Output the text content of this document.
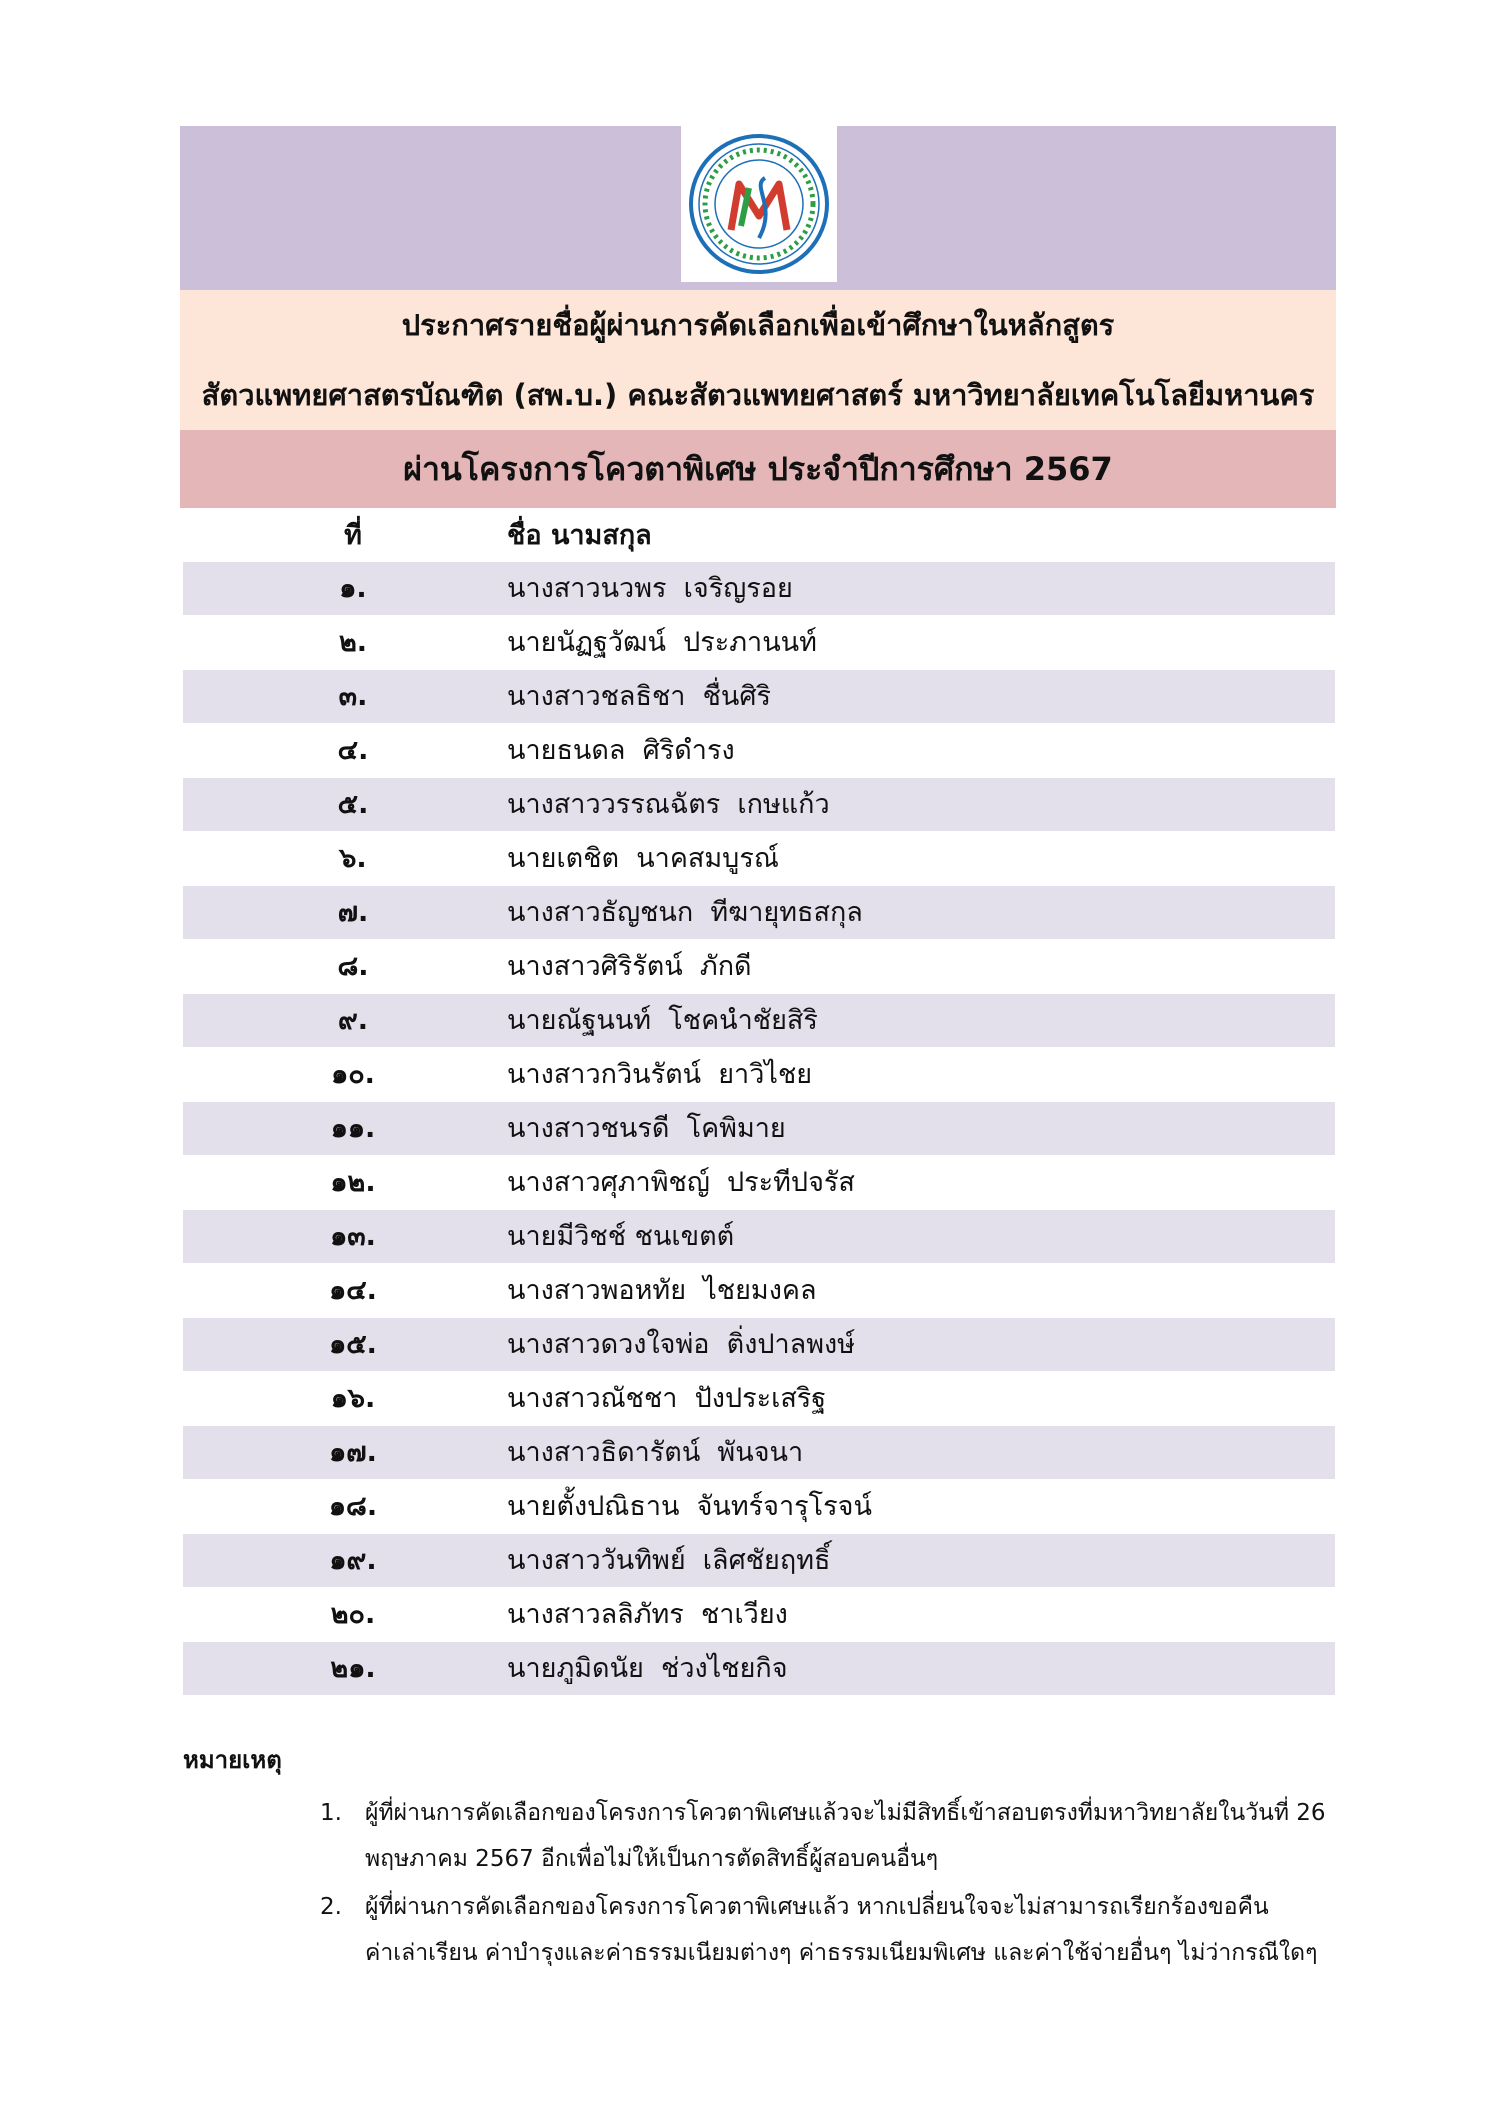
ประกาศรายชื่อผู้ผ่านการคัดเลือกเพื่อเข้าศึกษาในหลักสูตร
สัตวแพทยศาสตรบัณฑิต (สพ.บ.) คณะสัตวแพทยศาสตร์ มหาวิทยาลัยเทคโนโลยีมหานคร
ผ่านโครงการโควตาพิเศษ ประจำปีการศึกษา 2567
ที่	ชื่อ นามสกุล
๑.	นางสาวนวพร  เจริญรอย
๒.	นายนัฏฐวัฒน์  ประภานนท์
๓.	นางสาวชลธิชา  ชื่นศิริ
๔.	นายธนดล  ศิริดำรง
๕.	นางสาววรรณฉัตร  เกษแก้ว
๖.	นายเตชิต  นาคสมบูรณ์
๗.	นางสาวธัญชนก  ทีฆายุทธสกุล
๘.	นางสาวศิริรัตน์  ภักดี
๙.	นายณัฐนนท์  โชคนำชัยสิริ
๑๐.	นางสาวกวินรัตน์  ยาวิไชย
๑๑.	นางสาวชนรดี  โคพิมาย
๑๒.	นางสาวศุภาพิชญ์  ประทีปจรัส
๑๓.	นายมีวิชช์ ชนเขตต์
๑๔.	นางสาวพอหทัย  ไชยมงคล
๑๕.	นางสาวดวงใจพ่อ  ติ่งปาลพงษ์
๑๖.	นางสาวณัชชา  ปังประเสริฐ
๑๗.	นางสาวธิดารัตน์  พันจนา
๑๘.	นายตั้งปณิธาน  จันทร์จารุโรจน์
๑๙.	นางสาววันทิพย์  เลิศชัยฤทธิ์
๒๐.	นางสาวลลิภัทร  ชาเวียง
๒๑.	นายภูมิดนัย  ช่วงไชยกิจ
หมายเหตุ
1. ผู้ที่ผ่านการคัดเลือกของโครงการโควตาพิเศษแล้วจะไม่มีสิทธิ์เข้าสอบตรงที่มหาวิทยาลัยในวันที่ 26
พฤษภาคม 2567 อีกเพื่อไม่ให้เป็นการตัดสิทธิ์ผู้สอบคนอื่นๆ
2. ผู้ที่ผ่านการคัดเลือกของโครงการโควตาพิเศษแล้ว หากเปลี่ยนใจจะไม่สามารถเรียกร้องขอคืน
ค่าเล่าเรียน ค่าบำรุงและค่าธรรมเนียมต่างๆ ค่าธรรมเนียมพิเศษ และค่าใช้จ่ายอื่นๆ ไม่ว่ากรณีใดๆ
